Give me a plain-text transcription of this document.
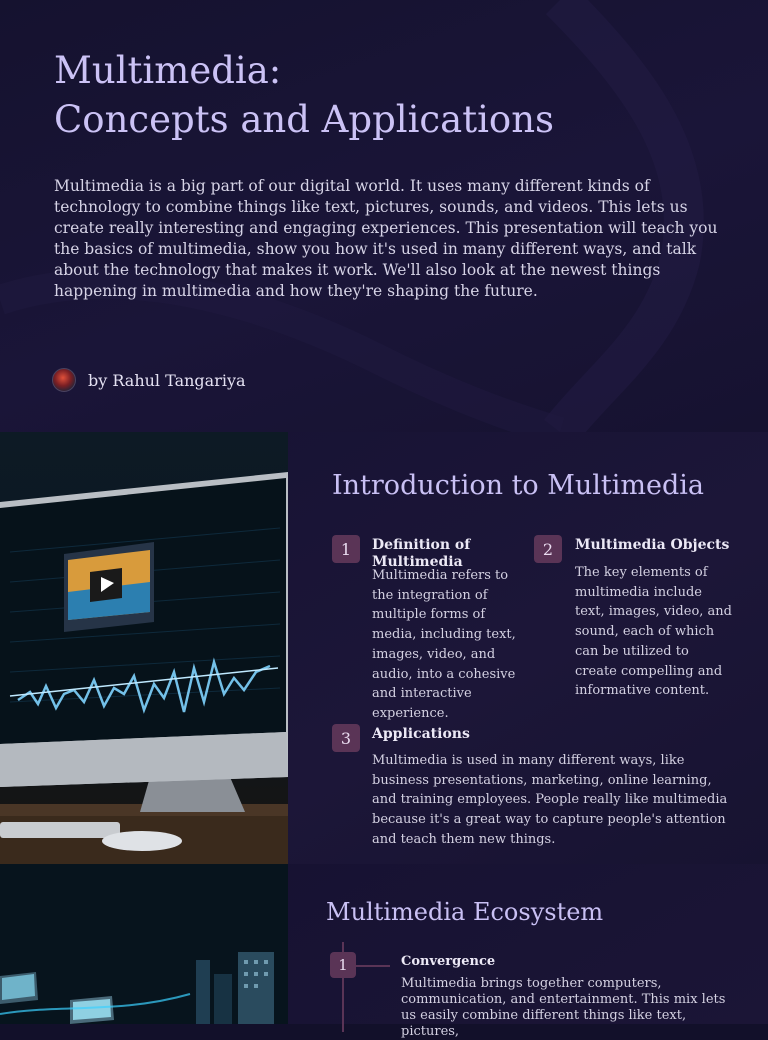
Multimedia:
Concepts and Applications

Multimedia is a big part of our digital world. It uses many different kinds of technology to combine things like text, pictures, sounds, and videos. This lets us create really interesting and engaging experiences. This presentation will teach you the basics of multimedia, show you how it's used in many different ways, and talk about the technology that makes it work. We'll also look at the newest things happening in multimedia and how they're shaping the future.

by Rahul Tangariya
Introduction to Multimedia
1	Definition of Multimedia

Multimedia refers to the integration of multiple forms of media, including text, images, video, and audio, into a cohesive and interactive experience.

2	Multimedia Objects

The key elements of multimedia include text, images, video, and sound, each of which can be utilized to create compelling and informative content.

3	Applications

Multimedia is used in many different ways, like business presentations, marketing, online learning, and training employees. People really like multimedia because it's a great way to capture people's attention and teach them new things.

Multimedia Ecosystem
1	Convergence

Multimedia brings together computers, communication, and entertainment. This mix lets us easily combine different things like text, pictures,
